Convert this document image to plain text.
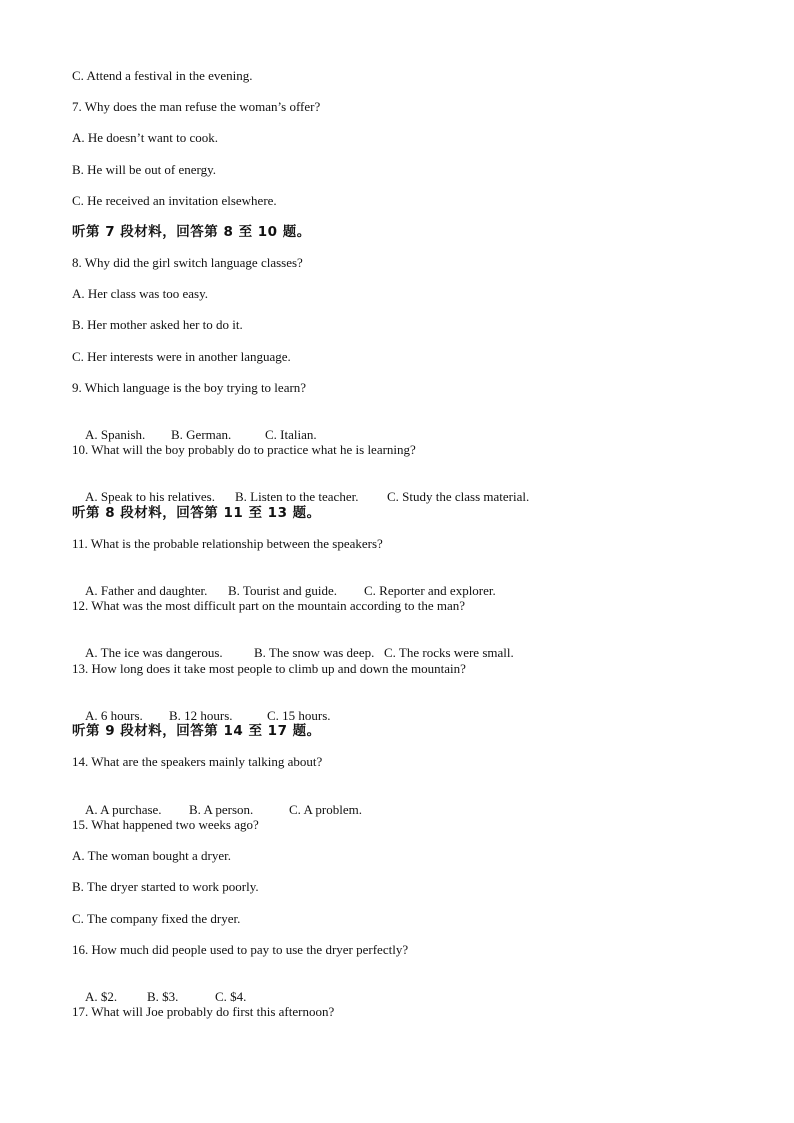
C. Attend a festival in the evening.
7. Why does the man refuse the woman’s offer?
A. He doesn’t want to cook.
B. He will be out of energy.
C. He received an invitation elsewhere.
听第 7 段材料，回答第 8 至 10 题。
8. Why did the girl switch language classes?
A. Her class was too easy.
B. Her mother asked her to do it.
C. Her interests were in another language.
9. Which language is the boy trying to learn?

A. Spanish. B. German.	C. Italian.

10. What will the boy probably do to practice what he is learning?

A. Speak to his relatives. B. Listen to the teacher. C. Study the class material.

听第 8 段材料，回答第 11 至 13 题。
11. What is the probable relationship between the speakers?

A. Father and daughter. B. Tourist and guide. C. Reporter and explorer.

12. What was the most difficult part on the mountain according to the man?

A. The ice was dangerous. B. The snow was deep. C. The rocks were small.

13. How long does it take most people to climb up and down the mountain?

A. 6 hours. B. 12 hours.	C. 15 hours.

听第 9 段材料，回答第 14 至 17 题。
14. What are the speakers mainly talking about?

A. A purchase. B. A person.	C. A problem.

15. What happened two weeks ago?
A. The woman bought a dryer.
B. The dryer started to work poorly.
C. The company fixed the dryer.
16. How much did people used to pay to use the dryer perfectly?

A. $2. B. $3.	C. $4.

17. What will Joe probably do first this afternoon?
